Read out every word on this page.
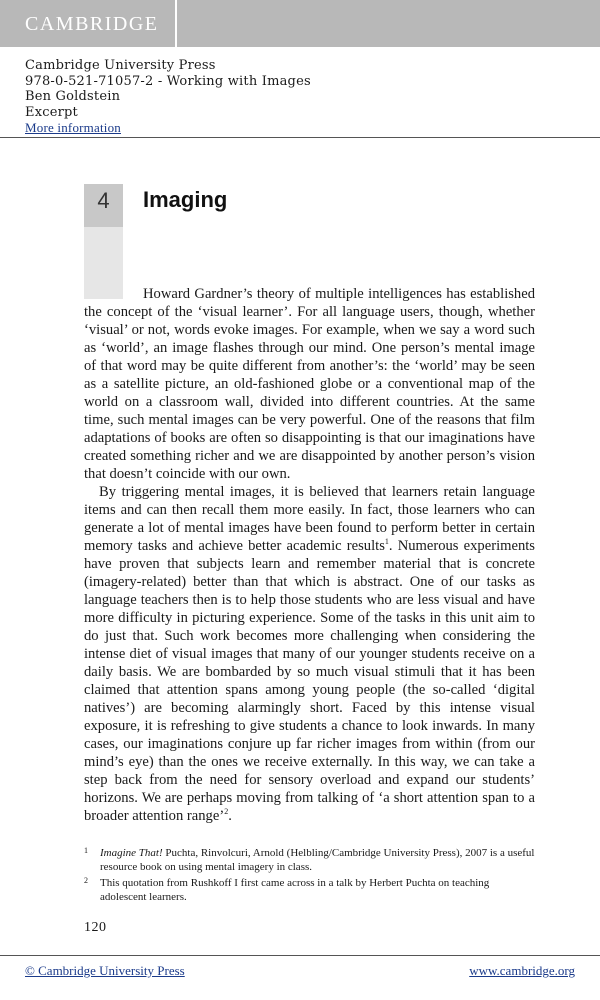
CAMBRIDGE
Cambridge University Press
978-0-521-71057-2 - Working with Images
Ben Goldstein
Excerpt
More information
4	Imaging

Howard Gardner’s theory of multiple intelligences has established the concept of the ‘visual learner’. For all language users, though, whether ‘visual’ or not, words evoke images. For example, when we say a word such as ‘world’, an image flashes through our mind. One person’s mental image of that word may be quite different from another’s: the ‘world’ may be seen as a satellite picture, an old-fashioned globe or a conventional map of the world on a classroom wall, divided into different countries. At the same time, such mental images can be very powerful. One of the reasons that film adaptations of books are often so disappointing is that our imaginations have created something richer and we are disappointed by another person’s vision that doesn’t coincide with our own.

By triggering mental images, it is believed that learners retain language items and can then recall them more easily. In fact, those learners who can generate a lot of mental images have been found to perform better in certain memory tasks and achieve better academic results$^1$. Numerous experiments have proven that subjects learn and remember material that is concrete (imagery-related) better than that which is abstract. One of our tasks as language teachers then is to help those students who are less visual and have more difficulty in picturing experience. Some of the tasks in this unit aim to do just that. Such work becomes more challenging when considering the intense diet of visual images that many of our younger students receive on a daily basis. We are bombarded by so much visual stimuli that it has been claimed that attention spans among young people (the so-called ‘digital natives’) are becoming alarmingly short. Faced by this intense visual exposure, it is refreshing to give students a chance to look inwards. In many cases, our imaginations conjure up far richer images from within (from our mind’s eye) than the ones we receive externally. In this way, we can take a step back from the need for sensory overload and expand our students’ horizons. We are perhaps moving from talking of ‘a short attention span to a broader attention range’$^2$.

1 Imagine That! Puchta, Rinvolcuri, Arnold (Helbling/Cambridge University Press), 2007 is a useful resource book on using mental imagery in class.
2 This quotation from Rushkoff I first came across in a talk by Herbert Puchta on teaching adolescent learners.
120
© Cambridge University Press	www.cambridge.org
